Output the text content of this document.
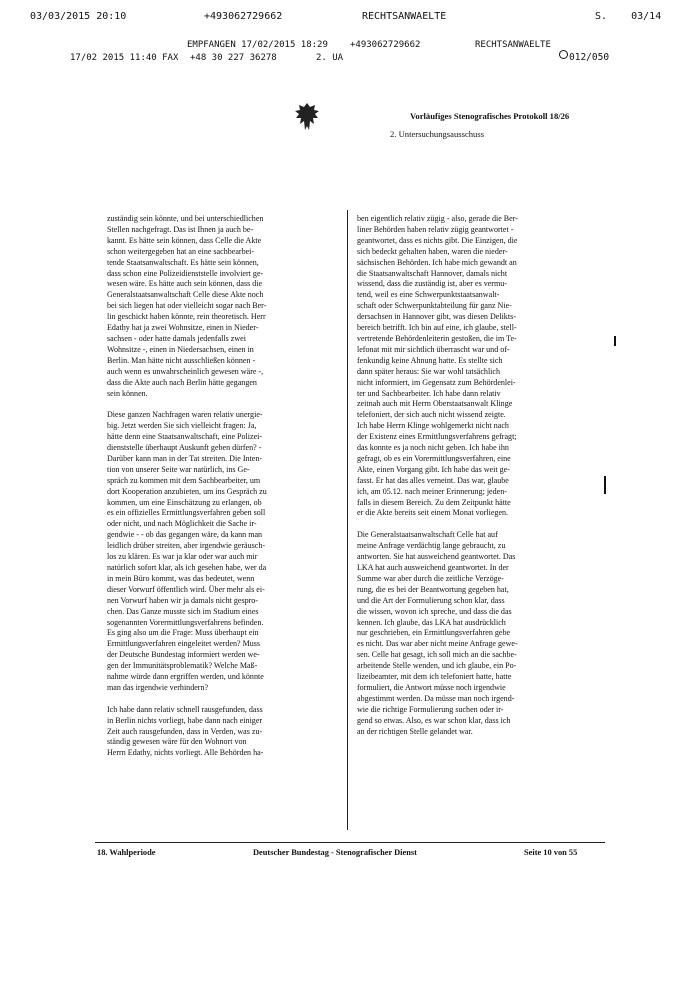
03/03/2015 20:10	+493062729662	RECHTSANWAELTE	S.    03/14
EMPFANGEN 17/02/2015 18:29 +493062729662	RECHTSANWAELTE
17/02 2015 11:40 FAX +48 30 227 36278	2. UA	012/050
Vorläufiges Stenografisches Protokoll 18/26
2. Untersuchungsausschuss

zuständig sein könnte, und bei unterschiedlichen
Stellen nachgefragt. Das ist Ihnen ja auch be-
kannt. Es hätte sein können, dass Celle die Akte
schon weitergegeben hat an eine sachbearbei-
tende Staatsanwaltschaft. Es hätte sein können,
dass schon eine Polizeidienststelle involviert ge-
wesen wäre. Es hätte auch sein können, dass die
Generalstaatsanwaltschaft Celle diese Akte noch
bei sich liegen hat oder vielleicht sogar nach Ber-
lin geschickt haben könnte, rein theoretisch. Herr
Edathy hat ja zwei Wohnsitze, einen in Nieder-
sachsen - oder hatte damals jedenfalls zwei
Wohnsitze -, einen in Niedersachsen, einen in
Berlin. Man hätte nicht ausschließen können -
auch wenn es unwahrscheinlich gewesen wäre -,
dass die Akte auch nach Berlin hätte gegangen
sein können.

Diese ganzen Nachfragen waren relativ unergie-
big. Jetzt werden Sie sich vielleicht fragen: Ja,
hätte denn eine Staatsanwaltschaft, eine Polizei-
dienststelle überhaupt Auskunft geben dürfen? -
Darüber kann man in der Tat streiten. Die Inten-
tion von unserer Seite war natürlich, ins Ge-
spräch zu kommen mit dem Sachbearbeiter, um
dort Kooperation anzubieten, um ins Gespräch zu
kommen, um eine Einschätzung zu erlangen, ob
es ein offizielles Ermittlungsverfahren geben soll
oder nicht, und nach Möglichkeit die Sache ir-
gendwie - - ob das gegangen wäre, da kann man
leidlich drüber streiten, aber irgendwie geräusch-
los zu klären. Es war ja klar oder war auch mir
natürlich sofort klar, als ich gesehen habe, wer da
in mein Büro kommt, was das bedeutet, wenn
dieser Vorwurf öffentlich wird. Über mehr als ei-
nen Vorwurf haben wir ja damals nicht gespro-
chen. Das Ganze musste sich im Stadium eines
sogenannten Vorermittlungsverfahrens befinden.
Es ging also um die Frage: Muss überhaupt ein
Ermittlungsverfahren eingeleitet werden? Muss
der Deutsche Bundestag informiert werden we-
gen der Immunitätsproblematik? Welche Maß-
nahme würde dann ergriffen werden, und könnte
man das irgendwie verhindern?

Ich habe dann relativ schnell rausgefunden, dass
in Berlin nichts vorliegt, habe dann nach einiger
Zeit auch rausgefunden, dass in Verden, was zu-
ständig gewesen wäre für den Wohnort von
Herrn Edathy, nichts vorliegt. Alle Behörden ha-

ben eigentlich relativ zügig - also, gerade die Ber-
liner Behörden haben relativ zügig geantwortet -
geantwortet, dass es nichts gibt. Die Einzigen, die
sich bedeckt gehalten haben, waren die nieder-
sächsischen Behörden. Ich habe mich gewandt an
die Staatsanwaltschaft Hannover, damals nicht
wissend, dass die zuständig ist, aber es vermu-
tend, weil es eine Schwerpunktstaatsanwalt-
schaft oder Schwerpunktabteilung für ganz Nie-
dersachsen in Hannover gibt, was diesen Delikts-
bereich betrifft. Ich bin auf eine, ich glaube, stell-
vertretende Behördenleiterin gestoßen, die im Te-
lefonat mit mir sichtlich überrascht war und of-
fenkundig keine Ahnung hatte. Es stellte sich
dann später heraus: Sie war wohl tatsächlich
nicht informiert, im Gegensatz zum Behördenlei-
ter und Sachbearbeiter. Ich habe dann relativ
zeitnah auch mit Herrn Oberstaatsanwalt Klinge
telefoniert, der sich auch nicht wissend zeigte.
Ich habe Herrn Klinge wohlgemerkt nicht nach
der Existenz eines Ermittlungsverfahrens gefragt;
das konnte es ja noch nicht geben. Ich habe ihn
gefragt, ob es ein Vorermittlungsverfahren, eine
Akte, einen Vorgang gibt. Ich habe das weit ge-
fasst. Er hat das alles verneint. Das war, glaube
ich, am 05.12. nach meiner Erinnerung; jeden-
falls in diesem Bereich. Zu dem Zeitpunkt hätte
er die Akte bereits seit einem Monat vorliegen.

Die Generalstaatsanwaltschaft Celle hat auf
meine Anfrage verdächtig lange gebraucht, zu
antworten. Sie hat ausweichend geantwortet. Das
LKA hat auch ausweichend geantwortet. In der
Summe war aber durch die zeitliche Verzöge-
rung, die es bei der Beantwortung gegeben hat,
und die Art der Formulierung schon klar, dass
die wissen, wovon ich spreche, und dass die das
kennen. Ich glaube, das LKA hat ausdrücklich
nur geschrieben, ein Ermittlungsverfahren gebe
es nicht. Das war aber nicht meine Anfrage gewe-
sen. Celle hat gesagt, ich soll mich an die sachbe-
arbeitende Stelle wenden, und ich glaube, ein Po-
lizeibeamter, mit dem ich telefoniert hatte, hatte
formuliert, die Antwort müsse noch irgendwie
abgestimmt werden. Da müsse man noch irgend-
wie die richtige Formulierung suchen oder ir-
gend so etwas. Also, es war schon klar, dass ich
an der richtigen Stelle gelandet war.

18. Wahlperiode	Deutscher Bundestag - Stenografischer Dienst	Seite 10 von 55
